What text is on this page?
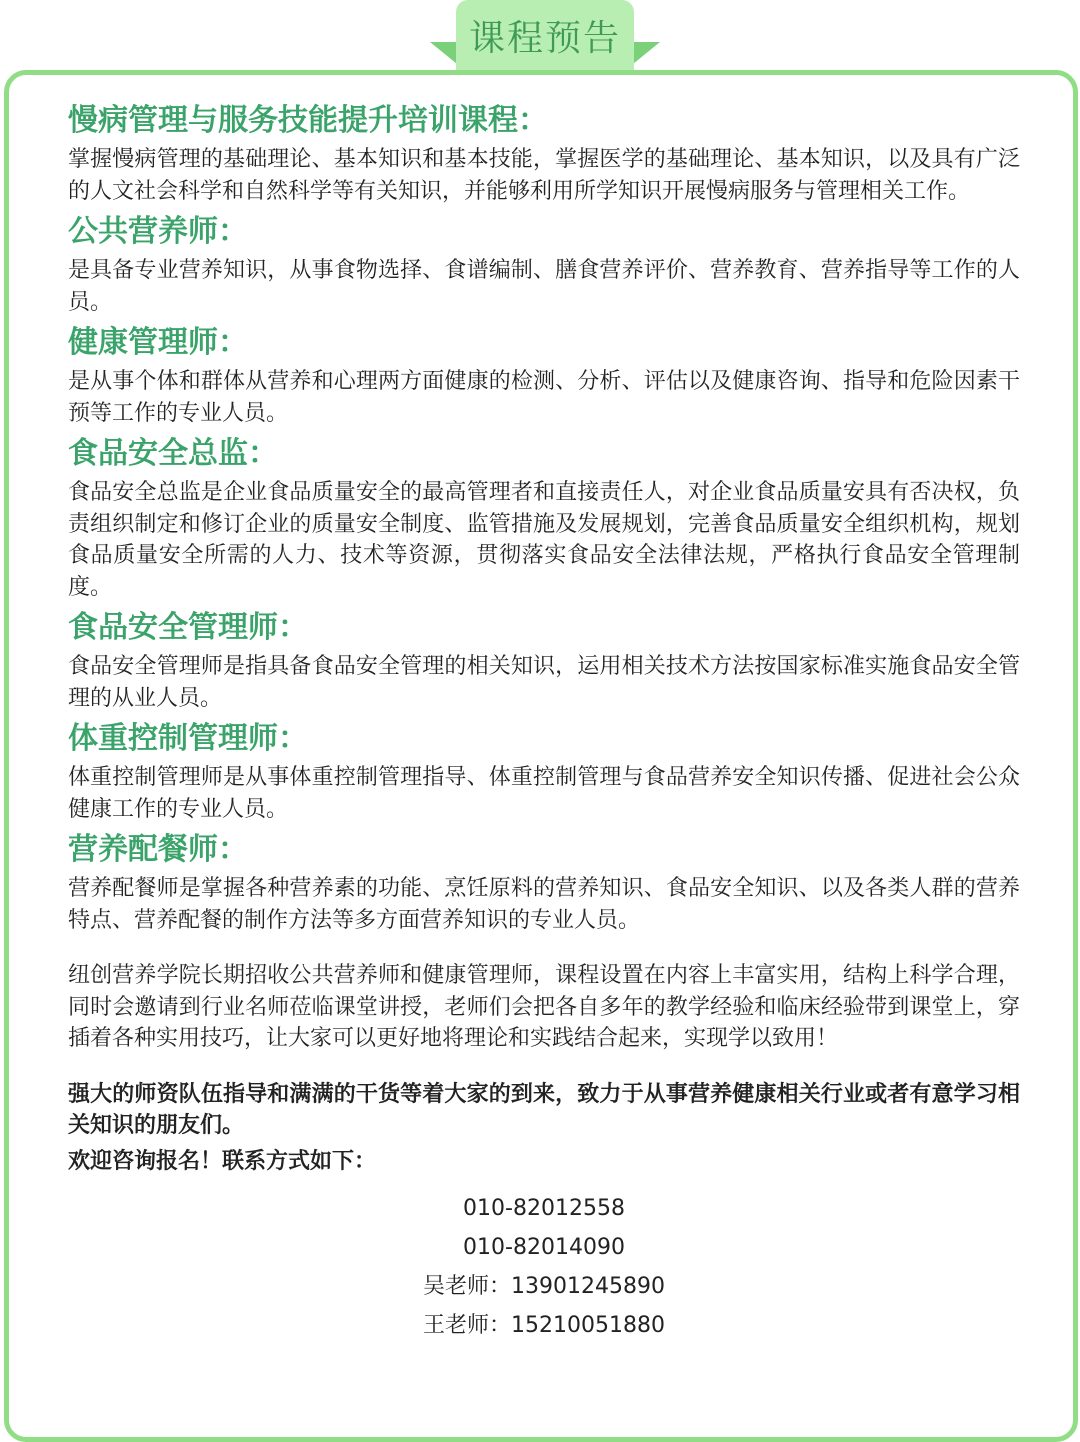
课程预告
慢病管理与服务技能提升培训课程：

掌握慢病管理的基础理论、基本知识和基本技能，掌握医学的基础理论、基本知识，以及具有广泛的人文社会科学和自然科学等有关知识，并能够利用所学知识开展慢病服务与管理相关工作。

公共营养师：

是具备专业营养知识，从事食物选择、食谱编制、膳食营养评价、营养教育、营养指导等工作的人员。

健康管理师：

是从事个体和群体从营养和心理两方面健康的检测、分析、评估以及健康咨询、指导和危险因素干预等工作的专业人员。

食品安全总监：

食品安全总监是企业食品质量安全的最高管理者和直接责任人，对企业食品质量安具有否决权，负责组织制定和修订企业的质量安全制度、监管措施及发展规划，完善食品质量安全组织机构，规划食品质量安全所需的人力、技术等资源，贯彻落实食品安全法律法规，严格执行食品安全管理制度。

食品安全管理师：

食品安全管理师是指具备食品安全管理的相关知识，运用相关技术方法按国家标准实施食品安全管理的从业人员。

体重控制管理师：

体重控制管理师是从事体重控制管理指导、体重控制管理与食品营养安全知识传播、促进社会公众健康工作的专业人员。

营养配餐师：

营养配餐师是掌握各种营养素的功能、烹饪原料的营养知识、食品安全知识、以及各类人群的营养特点、营养配餐的制作方法等多方面营养知识的专业人员。

纽创营养学院长期招收公共营养师和健康管理师，课程设置在内容上丰富实用，结构上科学合理，同时会邀请到行业名师莅临课堂讲授，老师们会把各自多年的教学经验和临床经验带到课堂上，穿插着各种实用技巧，让大家可以更好地将理论和实践结合起来，实现学以致用！

强大的师资队伍指导和满满的干货等着大家的到来，致力于从事营养健康相关行业或者有意学习相关知识的朋友们。

欢迎咨询报名！联系方式如下：

010-82012558
010-82014090
吴老师：13901245890
王老师：15210051880
